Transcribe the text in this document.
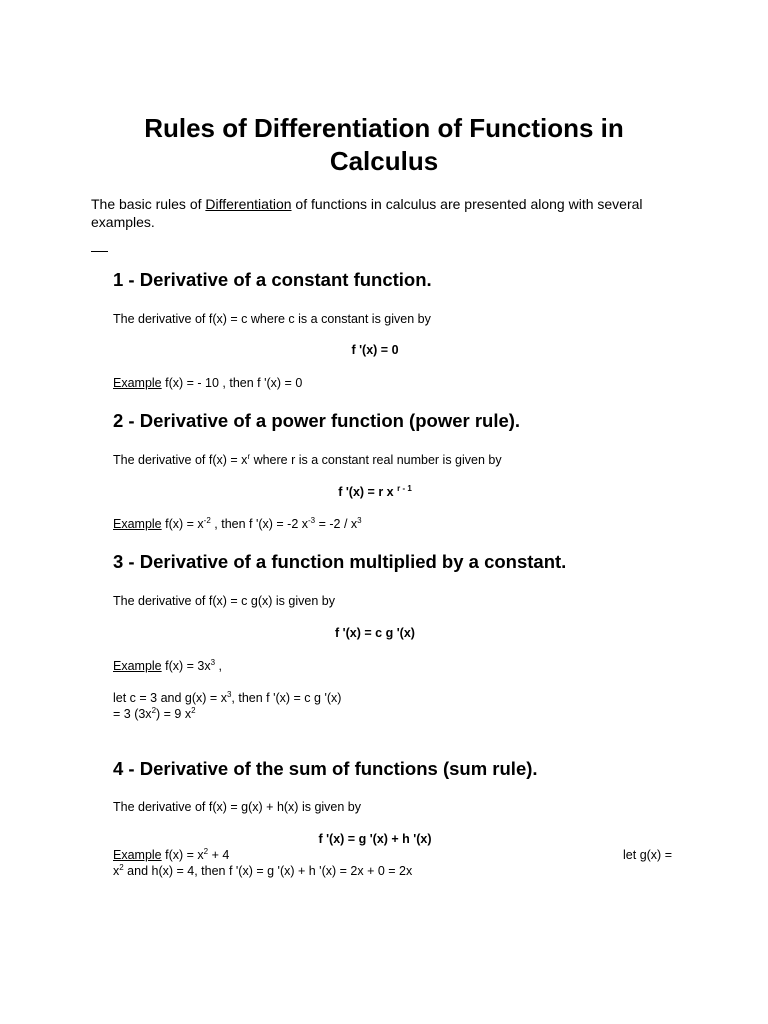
Rules of Differentiation of Functions in Calculus
The basic rules of Differentiation of functions in calculus are presented along with several examples.
1 - Derivative of a constant function.
The derivative of f(x) = c where c is a constant is given by
f '(x) = 0
Example f(x) = - 10 , then f '(x) = 0
2 - Derivative of a power function (power rule).
The derivative of $f(x) = x^r$ where r is a constant real number is given by
f '(x) = r x $^{r - 1}$
Example $f(x) = x^{-2}$ , then f '(x) = -2 $x^{-3} = -2 / x^3$
3 - Derivative of a function multiplied by a constant.
The derivative of f(x) = c g(x) is given by
f '(x) = c g '(x)
Example $f(x) = 3x^3$ ,
let c = 3 and $g(x) = x^3$, then f '(x) = c g '(x)
= 3 $(3x^2) = 9$ $x^2$
4 - Derivative of the sum of functions (sum rule).
The derivative of f(x) = g(x) + h(x) is given by
f '(x) = g '(x) + h '(x)
Example $f(x) = x^2 + 4$	let g(x) =
$x^2$ and h(x) = 4, then f '(x) = g '(x) + h '(x) = 2x + 0 = 2x
